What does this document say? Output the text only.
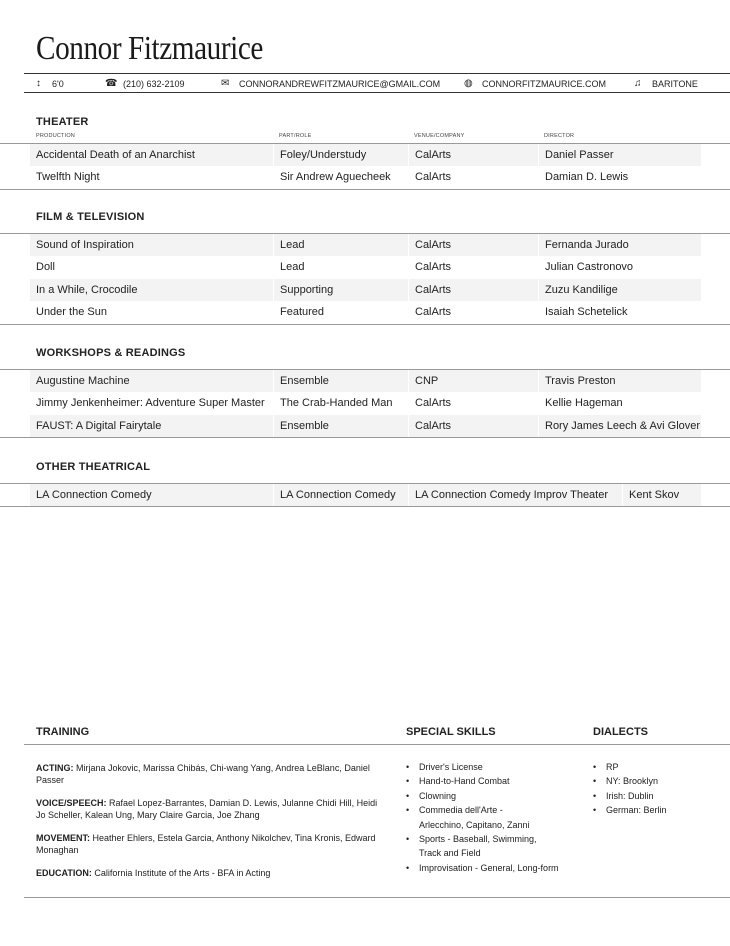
Connor Fitzmaurice
↕	6'0	☎ (210) 632-2109	✉	CONNORANDREWFITZMAURICE@GMAIL.COM ◍	CONNORFITZMAURICE.COM	♫	BARITONE
THEATER
PRODUCTION	PART/ROLE	VENUE/COMPANY	DIRECTOR
Accidental Death of an Anarchist	Foley/Understudy	CalArts	Daniel Passer
Twelfth Night	Sir Andrew Aguecheek	CalArts	Damian D. Lewis
FILM & TELEVISION
Sound of Inspiration	Lead	CalArts	Fernanda Jurado
Doll	Lead	CalArts	Julian Castronovo
In a While, Crocodile	Supporting	CalArts	Zuzu Kandilige
Under the Sun	Featured	CalArts	Isaiah Schetelick
WORKSHOPS & READINGS
Augustine Machine	Ensemble	CNP	Travis Preston
Jimmy Jenkenheimer: Adventure Super Master	The Crab-Handed Man	CalArts	Kellie Hageman
FAUST: A Digital Fairytale	Ensemble	CalArts	Rory James Leech & Avi Glover
OTHER THEATRICAL
LA Connection Comedy	LA Connection Comedy	LA Connection Comedy Improv Theater	Kent Skov
TRAINING	SPECIAL SKILLS	DIALECTS

ACTING: Mirjana Jokovic, Marissa Chibás, Chi-wang Yang, Andrea LeBlanc, Daniel Passer

VOICE/SPEECH: Rafael Lopez-Barrantes, Damian D. Lewis, Julanne Chidi Hill, Heidi Jo Scheller, Kalean Ung, Mary Claire Garcia, Joe Zhang

MOVEMENT: Heather Ehlers, Estela Garcia, Anthony Nikolchev, Tina Kronis, Edward Monaghan

EDUCATION: California Institute of the Arts - BFA in Acting

• Driver's License
• Hand-to-Hand Combat
• Clowning
• Commedia dell'Arte -
Arlecchino, Capitano, Zanni
• Sports - Baseball, Swimming,
Track and Field
• Improvisation - General, Long-form
• RP
• NY: Brooklyn
• Irish: Dublin
• German: Berlin
